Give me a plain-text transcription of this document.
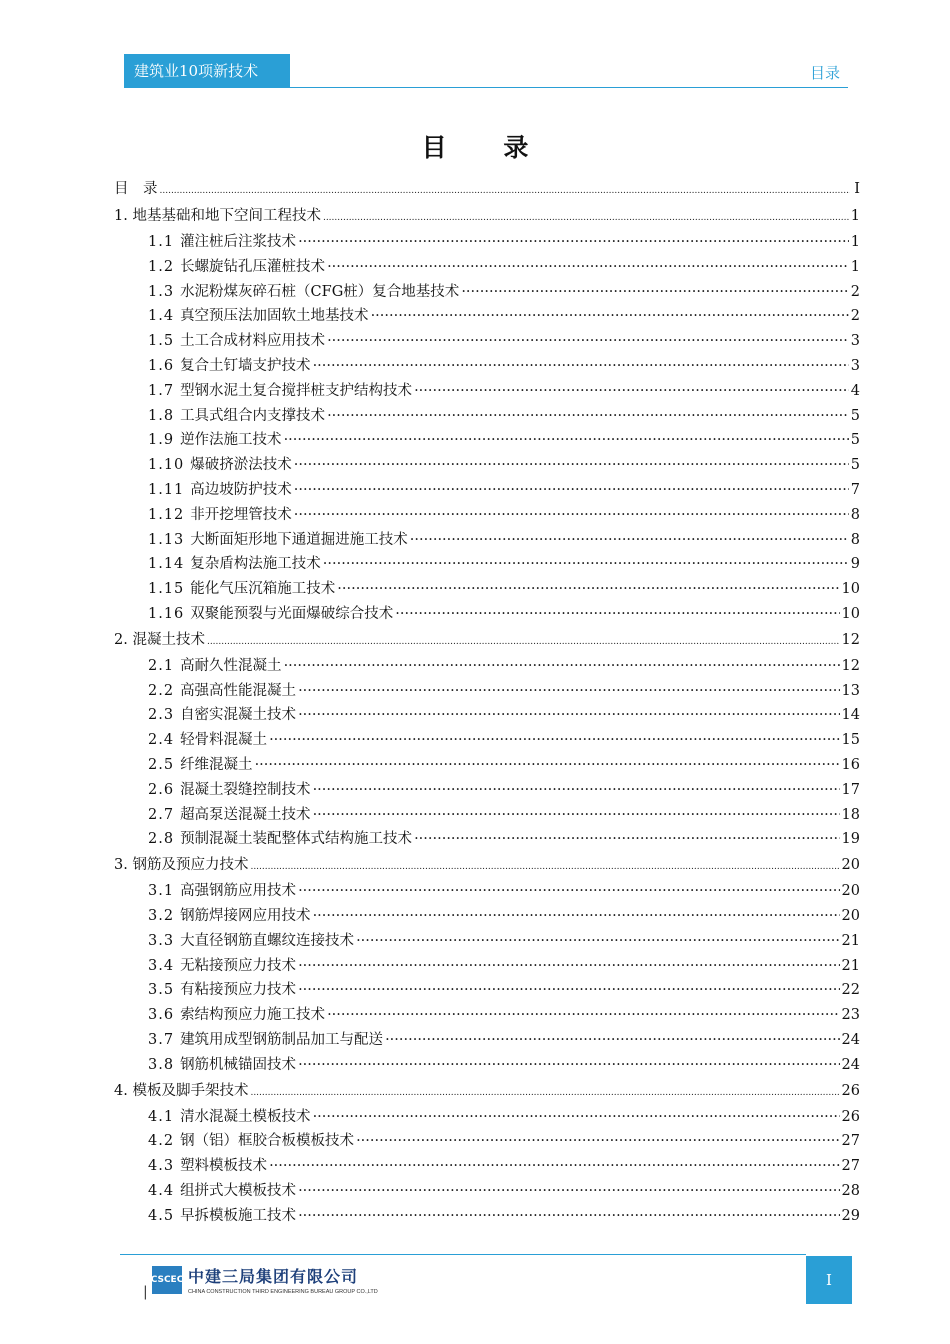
建筑业10项新技术	目录
目 录
目　录 .....	I
1. 地基基础和地下空间工程技术 .....	1
1.1 灌注桩后注浆技术 ·····	1
1.2 长螺旋钻孔压灌桩技术 ·····	1
1.3 水泥粉煤灰碎石桩（CFG桩）复合地基技术 ·····	2
1.4 真空预压法加固软土地基技术 ·····	2
1.5 土工合成材料应用技术 ·····	3
1.6 复合土钉墙支护技术 ·····	3
1.7 型钢水泥土复合搅拌桩支护结构技术 ·····	4
1.8 工具式组合内支撑技术 ·····	5
1.9 逆作法施工技术 ·····	5
1.10 爆破挤淤法技术 ·····	5
1.11 高边坡防护技术 ·····	7
1.12 非开挖埋管技术 ·····	8
1.13 大断面矩形地下通道掘进施工技术 ·····	8
1.14 复杂盾构法施工技术 ·····	9
1.15 能化气压沉箱施工技术 ·····	10
1.16 双聚能预裂与光面爆破综合技术 ·····	10
2. 混凝土技术 .....	12
2.1 高耐久性混凝土 ·····	12
2.2 高强高性能混凝土 ·····	13
2.3 自密实混凝土技术 ·····	14
2.4 轻骨料混凝土 ·····	15
2.5 纤维混凝土 ·····	16
2.6 混凝土裂缝控制技术 ·····	17
2.7 超高泵送混凝土技术 ·····	18
2.8 预制混凝土装配整体式结构施工技术 ·····	19
3. 钢筋及预应力技术 .....	20
3.1 高强钢筋应用技术 ·····	20
3.2 钢筋焊接网应用技术 ·····	20
3.3 大直径钢筋直螺纹连接技术 ·····	21
3.4 无粘接预应力技术 ·····	21
3.5 有粘接预应力技术 ·····	22
3.6 索结构预应力施工技术 ·····	23
3.7 建筑用成型钢筋制品加工与配送 ·····	24
3.8 钢筋机械锚固技术 ·····	24
4. 模板及脚手架技术 .....	26
4.1 清水混凝土模板技术 ·····	26
4.2 钢（铝）框胶合板模板技术 ·····	27
4.3 塑料模板技术 ·····	27
4.4 组拼式大模板技术 ·····	28
4.5 早拆模板施工技术 ·····	29
|
CSCEC 中建三局集团有限公司
CHINA CONSTRUCTION THIRD ENGINEERING BUREAU GROUP CO.,LTD
I
